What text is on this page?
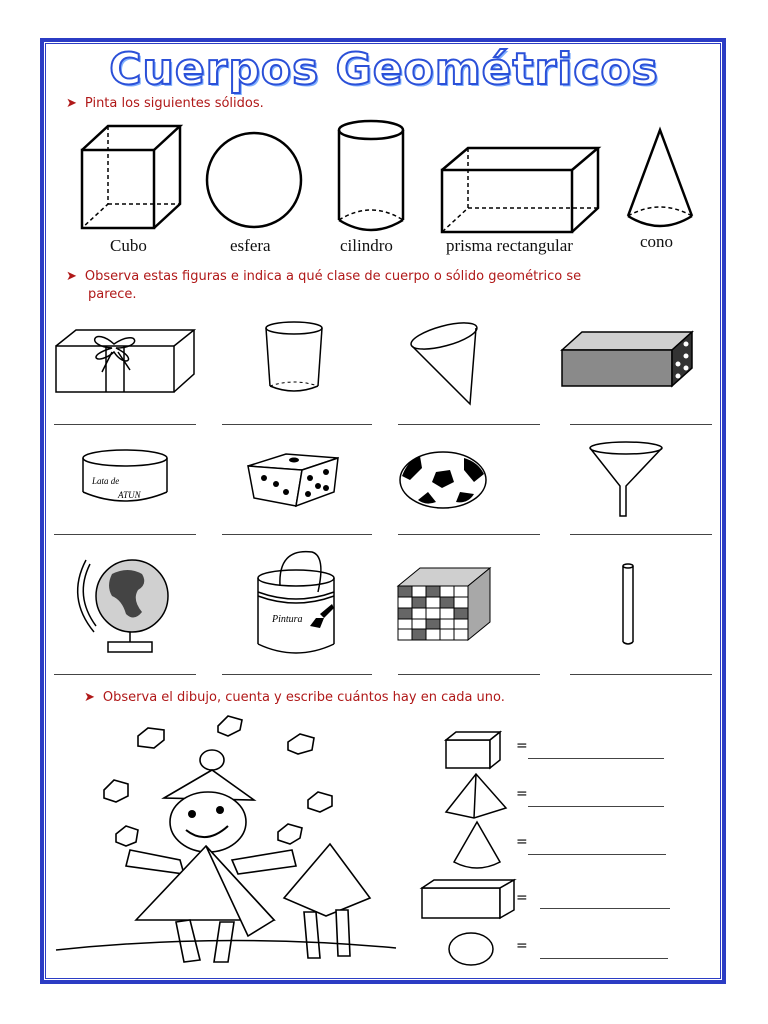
Cuerpos Geométricos
➤ Pinta los siguientes sólidos.
Cubo	esfera	cilindro	prisma rectangular	cono
➤ Observa estas figuras e indica a qué clase de cuerpo o sólido geométrico se
parece.
Lata de
ATUN
Pintura
➤ Observa el dibujo, cuenta y escribe cuántos hay en cada uno.
=
=
=
=
=
